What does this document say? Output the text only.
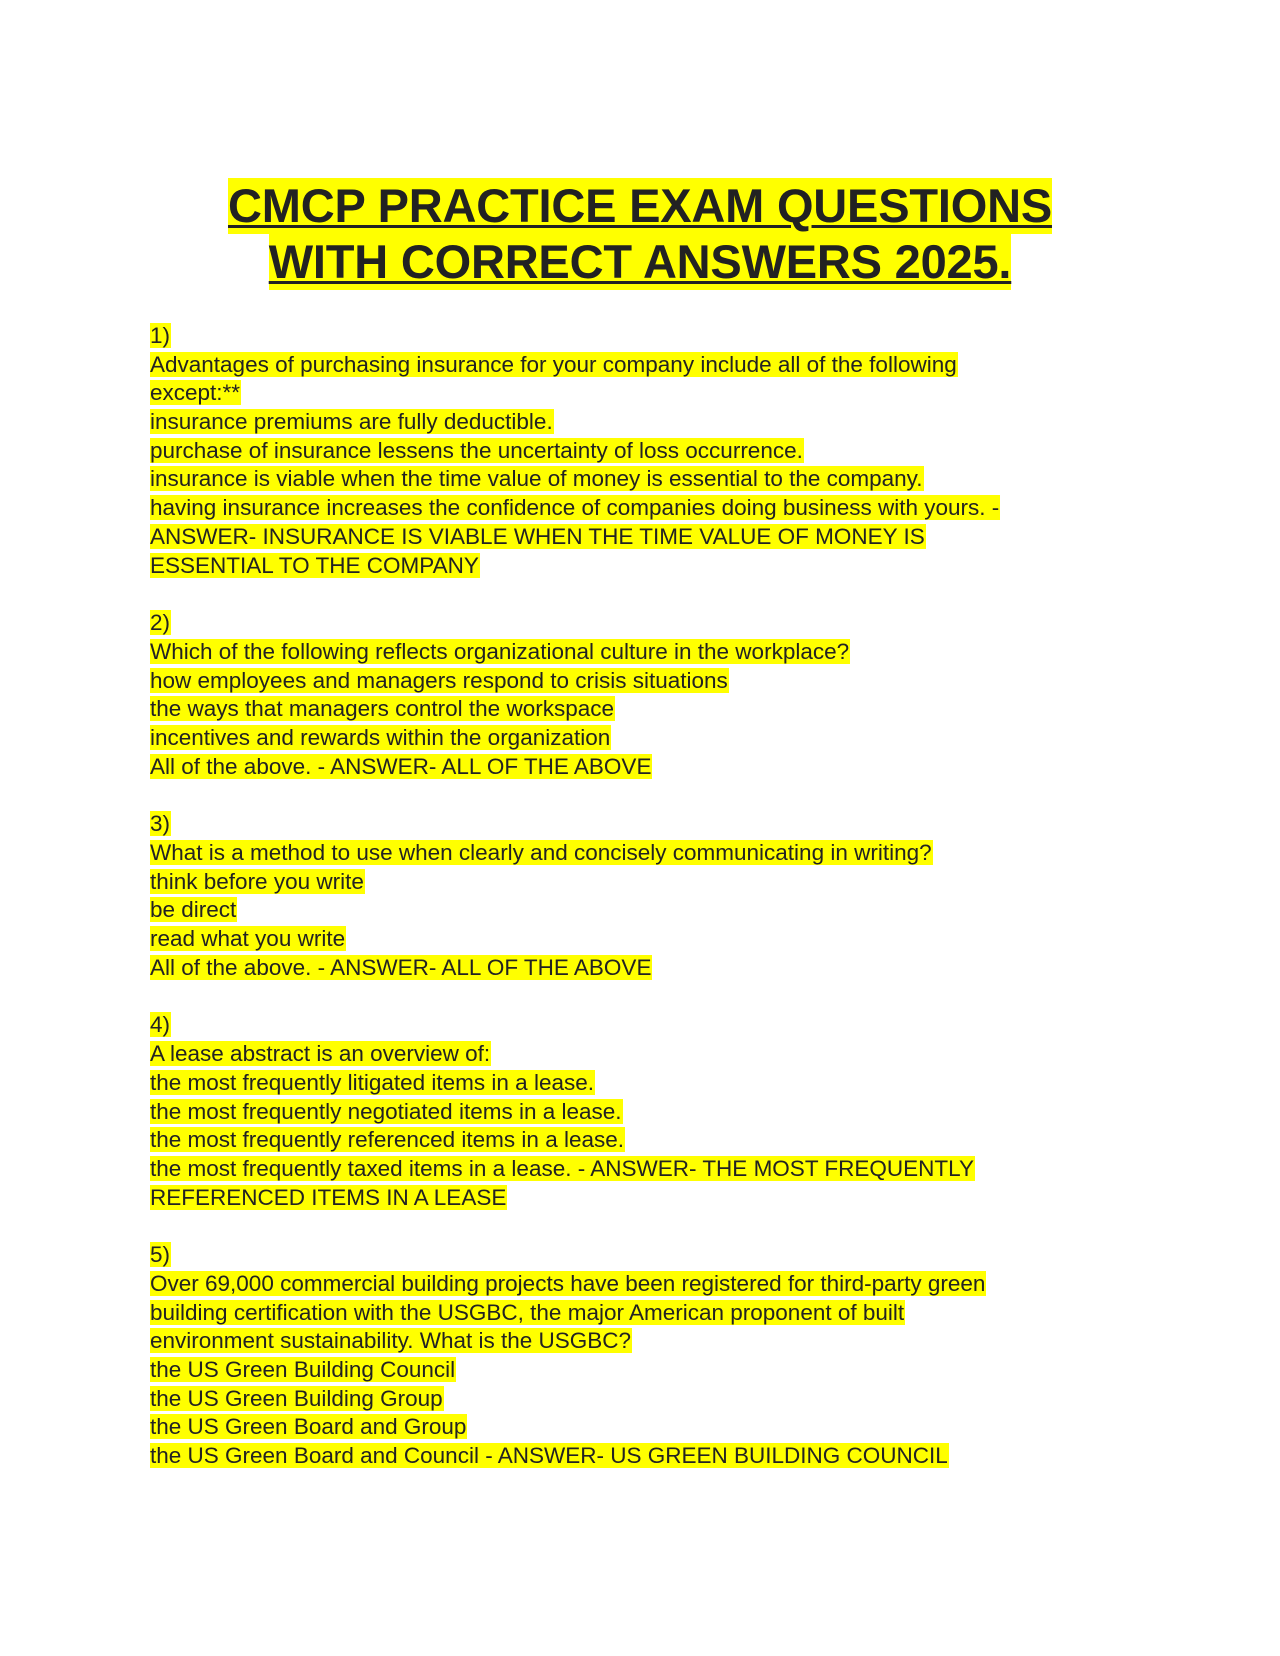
CMCP PRACTICE EXAM QUESTIONS
WITH CORRECT ANSWERS 2025.
1)
Advantages of purchasing insurance for your company include all of the following
except:**
insurance premiums are fully deductible.
purchase of insurance lessens the uncertainty of loss occurrence.
insurance is viable when the time value of money is essential to the company.
having insurance increases the confidence of companies doing business with yours. -
ANSWER- INSURANCE IS VIABLE WHEN THE TIME VALUE OF MONEY IS
ESSENTIAL TO THE COMPANY
2)
Which of the following reflects organizational culture in the workplace?
how employees and managers respond to crisis situations
the ways that managers control the workspace
incentives and rewards within the organization
All of the above. - ANSWER- ALL OF THE ABOVE
3)
What is a method to use when clearly and concisely communicating in writing?
think before you write
be direct
read what you write
All of the above. - ANSWER- ALL OF THE ABOVE
4)
A lease abstract is an overview of:
the most frequently litigated items in a lease.
the most frequently negotiated items in a lease.
the most frequently referenced items in a lease.
the most frequently taxed items in a lease. - ANSWER- THE MOST FREQUENTLY
REFERENCED ITEMS IN A LEASE
5)
Over 69,000 commercial building projects have been registered for third-party green
building certification with the USGBC, the major American proponent of built
environment sustainability. What is the USGBC?
the US Green Building Council
the US Green Building Group
the US Green Board and Group
the US Green Board and Council - ANSWER- US GREEN BUILDING COUNCIL
